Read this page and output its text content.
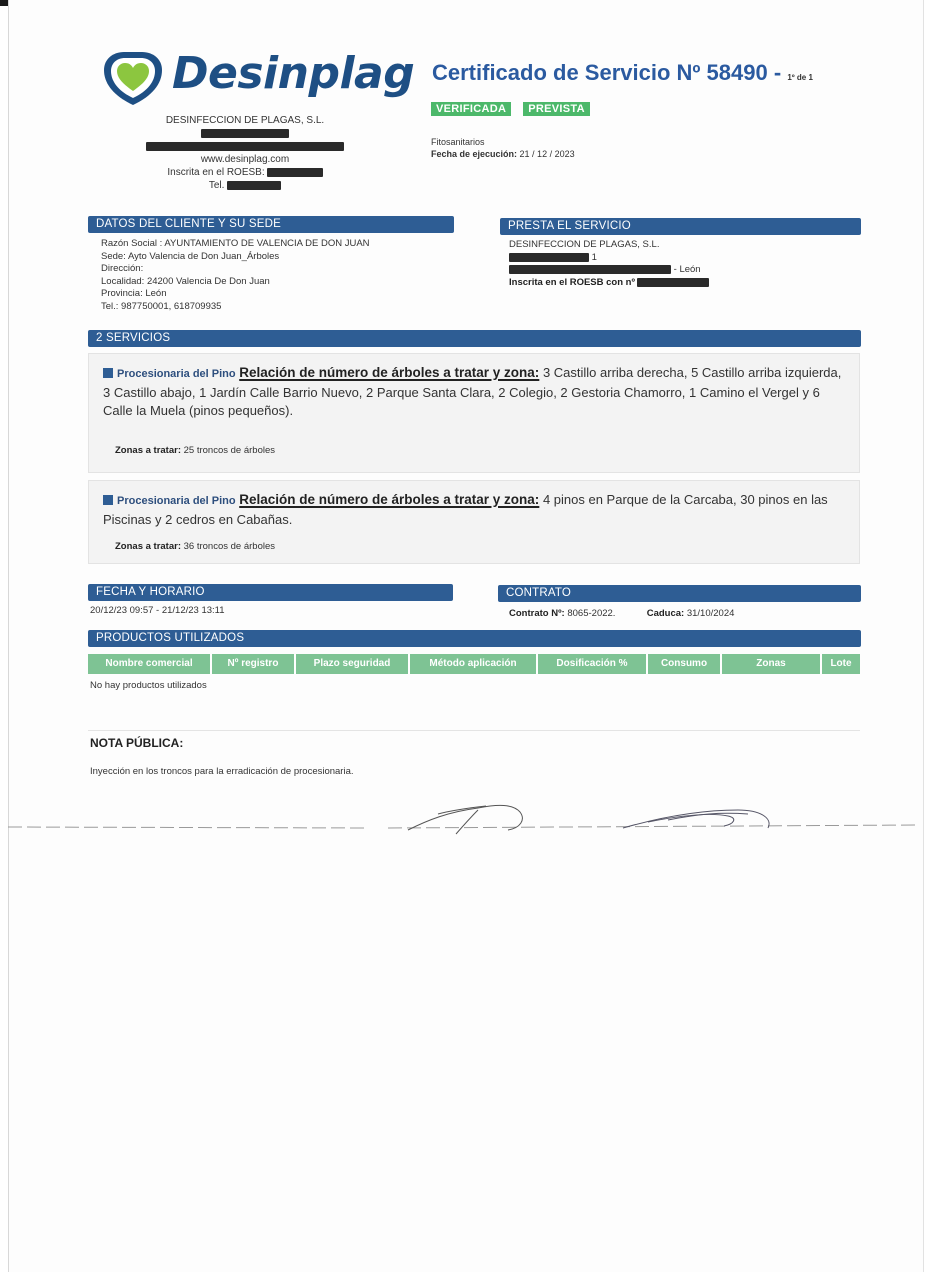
Desinplag
DESINFECCION DE PLAGAS, S.L.
www.desinplag.com
Inscrita en el ROESB:
Tel.
Certificado de Servicio Nº 58490 - 1º de 1
VERIFICADA PREVISTA
Fitosanitarios
Fecha de ejecución: 21 / 12 / 2023
DATOS DEL CLIENTE Y SU SEDE
Razón Social : AYUNTAMIENTO DE VALENCIA DE DON JUAN
Sede: Ayto Valencia de Don Juan_Árboles
Dirección:
Localidad: 24200 Valencia De Don Juan
Provincia: León
Tel.: 987750001, 618709935
PRESTA EL SERVICIO
DESINFECCION DE PLAGAS, S.L.
1
- León
Inscrita en el ROESB con nº
2 SERVICIOS
Procesionaria del Pino Relación de número de árboles a tratar y zona: 3 Castillo arriba derecha, 5 Castillo arriba izquierda, 3 Castillo abajo, 1 Jardín Calle Barrio Nuevo, 2 Parque Santa Clara, 2 Colegio, 2 Gestoria Chamorro, 1 Camino el Vergel y 6 Calle la Muela (pinos pequeños).
Zonas a tratar: 25 troncos de árboles
Procesionaria del Pino Relación de número de árboles a tratar y zona: 4 pinos en Parque de la Carcaba, 30 pinos en las Piscinas y 2 cedros en Cabañas.
Zonas a tratar: 36 troncos de árboles
FECHA Y HORARIO
20/12/23 09:57 - 21/12/23 13:11
CONTRATO
Contrato Nº: 8065-2022.	Caduca: 31/10/2024
PRODUCTOS UTILIZADOS
Nombre comercial	Nº registro	Plazo seguridad	Método aplicación	Dosificación %	Consumo	Zonas	Lote
No hay productos utilizados
NOTA PÚBLICA:
Inyección en los troncos para la erradicación de procesionaria.
